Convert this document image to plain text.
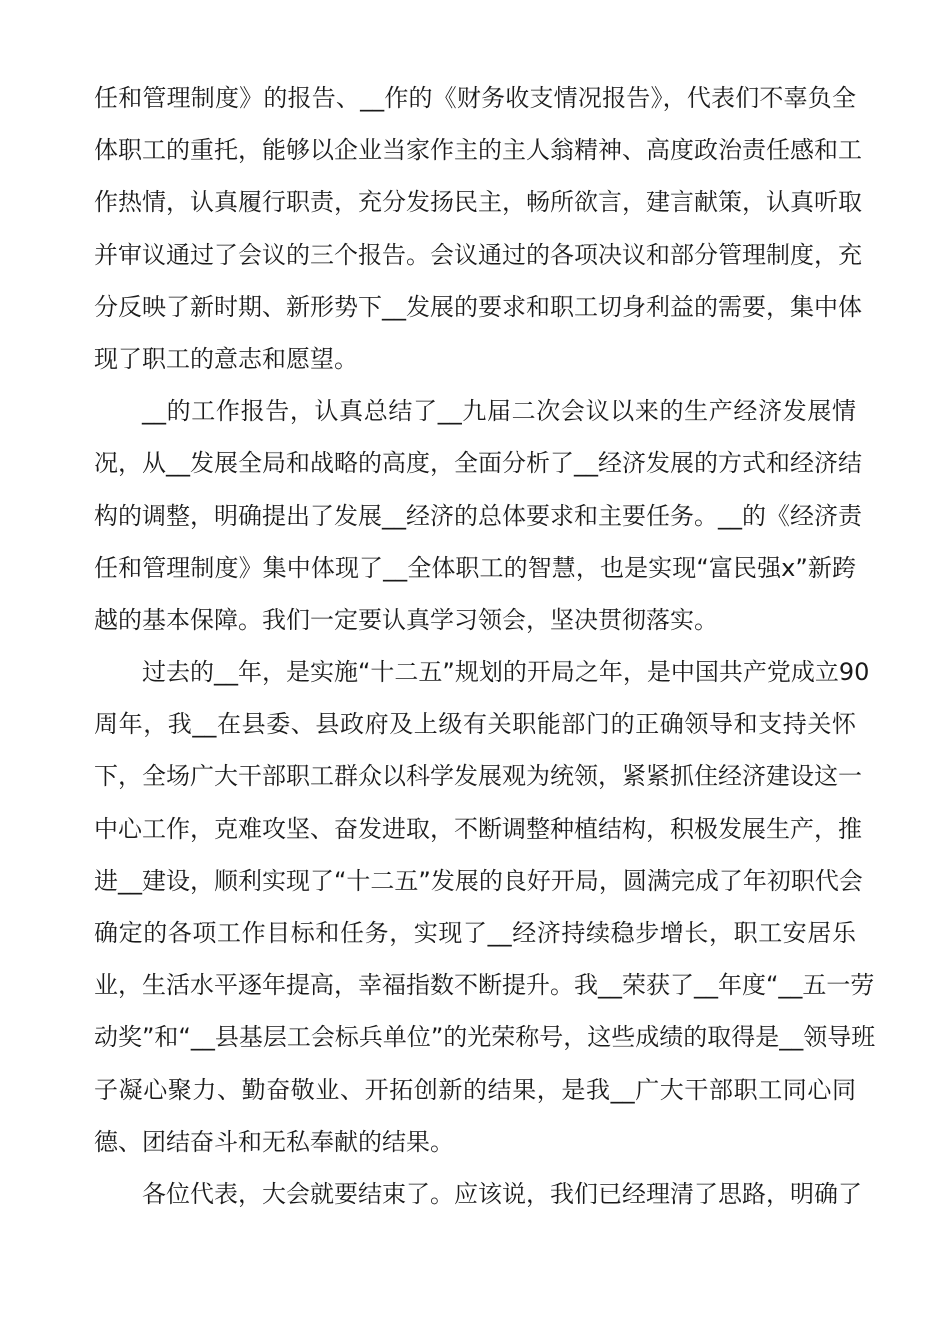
任和管理制度》的报告、__作的《财务收支情况报告》，代表们不辜负全
体职工的重托，能够以企业当家作主的主人翁精神、高度政治责任感和工
作热情，认真履行职责，充分发扬民主，畅所欲言，建言献策，认真听取
并审议通过了会议的三个报告。会议通过的各项决议和部分管理制度，充
分反映了新时期、新形势下__发展的要求和职工切身利益的需要，集中体
现了职工的意志和愿望。
__的工作报告，认真总结了__九届二次会议以来的生产经济发展情
况，从__发展全局和战略的高度，全面分析了__经济发展的方式和经济结
构的调整，明确提出了发展__经济的总体要求和主要任务。__的《经济责
任和管理制度》集中体现了__全体职工的智慧，也是实现“富民强x”新跨
越的基本保障。我们一定要认真学习领会，坚决贯彻落实。
过去的__年，是实施“十二五”规划的开局之年，是中国共产党成立90
周年，我__在县委、县政府及上级有关职能部门的正确领导和支持关怀
下，全场广大干部职工群众以科学发展观为统领，紧紧抓住经济建设这一
中心工作，克难攻坚、奋发进取，不断调整种植结构，积极发展生产，推
进__建设，顺利实现了“十二五”发展的良好开局，圆满完成了年初职代会
确定的各项工作目标和任务，实现了__经济持续稳步增长，职工安居乐
业，生活水平逐年提高，幸福指数不断提升。我__荣获了__年度“__五一劳
动奖”和“__县基层工会标兵单位”的光荣称号，这些成绩的取得是__领导班
子凝心聚力、勤奋敬业、开拓创新的结果，是我__广大干部职工同心同
德、团结奋斗和无私奉献的结果。
各位代表，大会就要结束了。应该说，我们已经理清了思路，明确了
